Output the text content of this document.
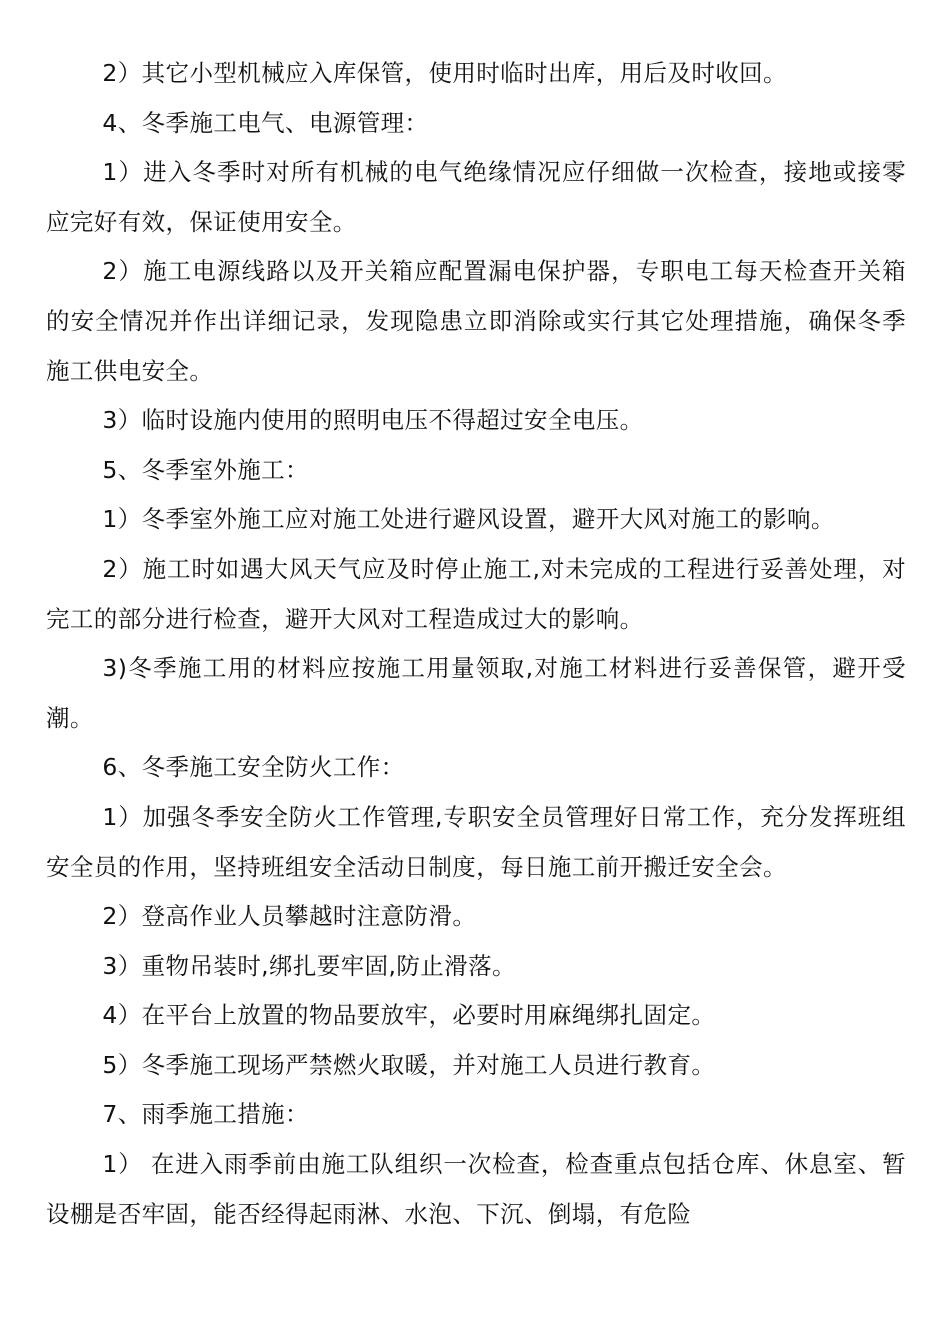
2）其它小型机械应入库保管，使用时临时出库，用后及时收回。

4、冬季施工电气、电源管理：

1）进入冬季时对所有机械的电气绝缘情况应仔细做一次检查，接地或接零应完好有效，保证使用安全。

2）施工电源线路以及开关箱应配置漏电保护器，专职电工每天检查开关箱的安全情况并作出详细记录，发现隐患立即消除或实行其它处理措施，确保冬季施工供电安全。

3）临时设施内使用的照明电压不得超过安全电压。

5、冬季室外施工：

1）冬季室外施工应对施工处进行避风设置，避开大风对施工的影响。

2）施工时如遇大风天气应及时停止施工,对未完成的工程进行妥善处理，对完工的部分进行检查，避开大风对工程造成过大的影响。

3)冬季施工用的材料应按施工用量领取,对施工材料进行妥善保管，避开受潮。

6、冬季施工安全防火工作：

1）加强冬季安全防火工作管理,专职安全员管理好日常工作，充分发挥班组安全员的作用，坚持班组安全活动日制度，每日施工前开搬迁安全会。

2）登高作业人员攀越时注意防滑。

3）重物吊装时,绑扎要牢固,防止滑落。

4）在平台上放置的物品要放牢，必要时用麻绳绑扎固定。

5）冬季施工现场严禁燃火取暖，并对施工人员进行教育。

7、雨季施工措施：

1） 在进入雨季前由施工队组织一次检查，检查重点包括仓库、休息室、暂设棚是否牢固，能否经得起雨淋、水泡、下沉、倒塌，有危险
